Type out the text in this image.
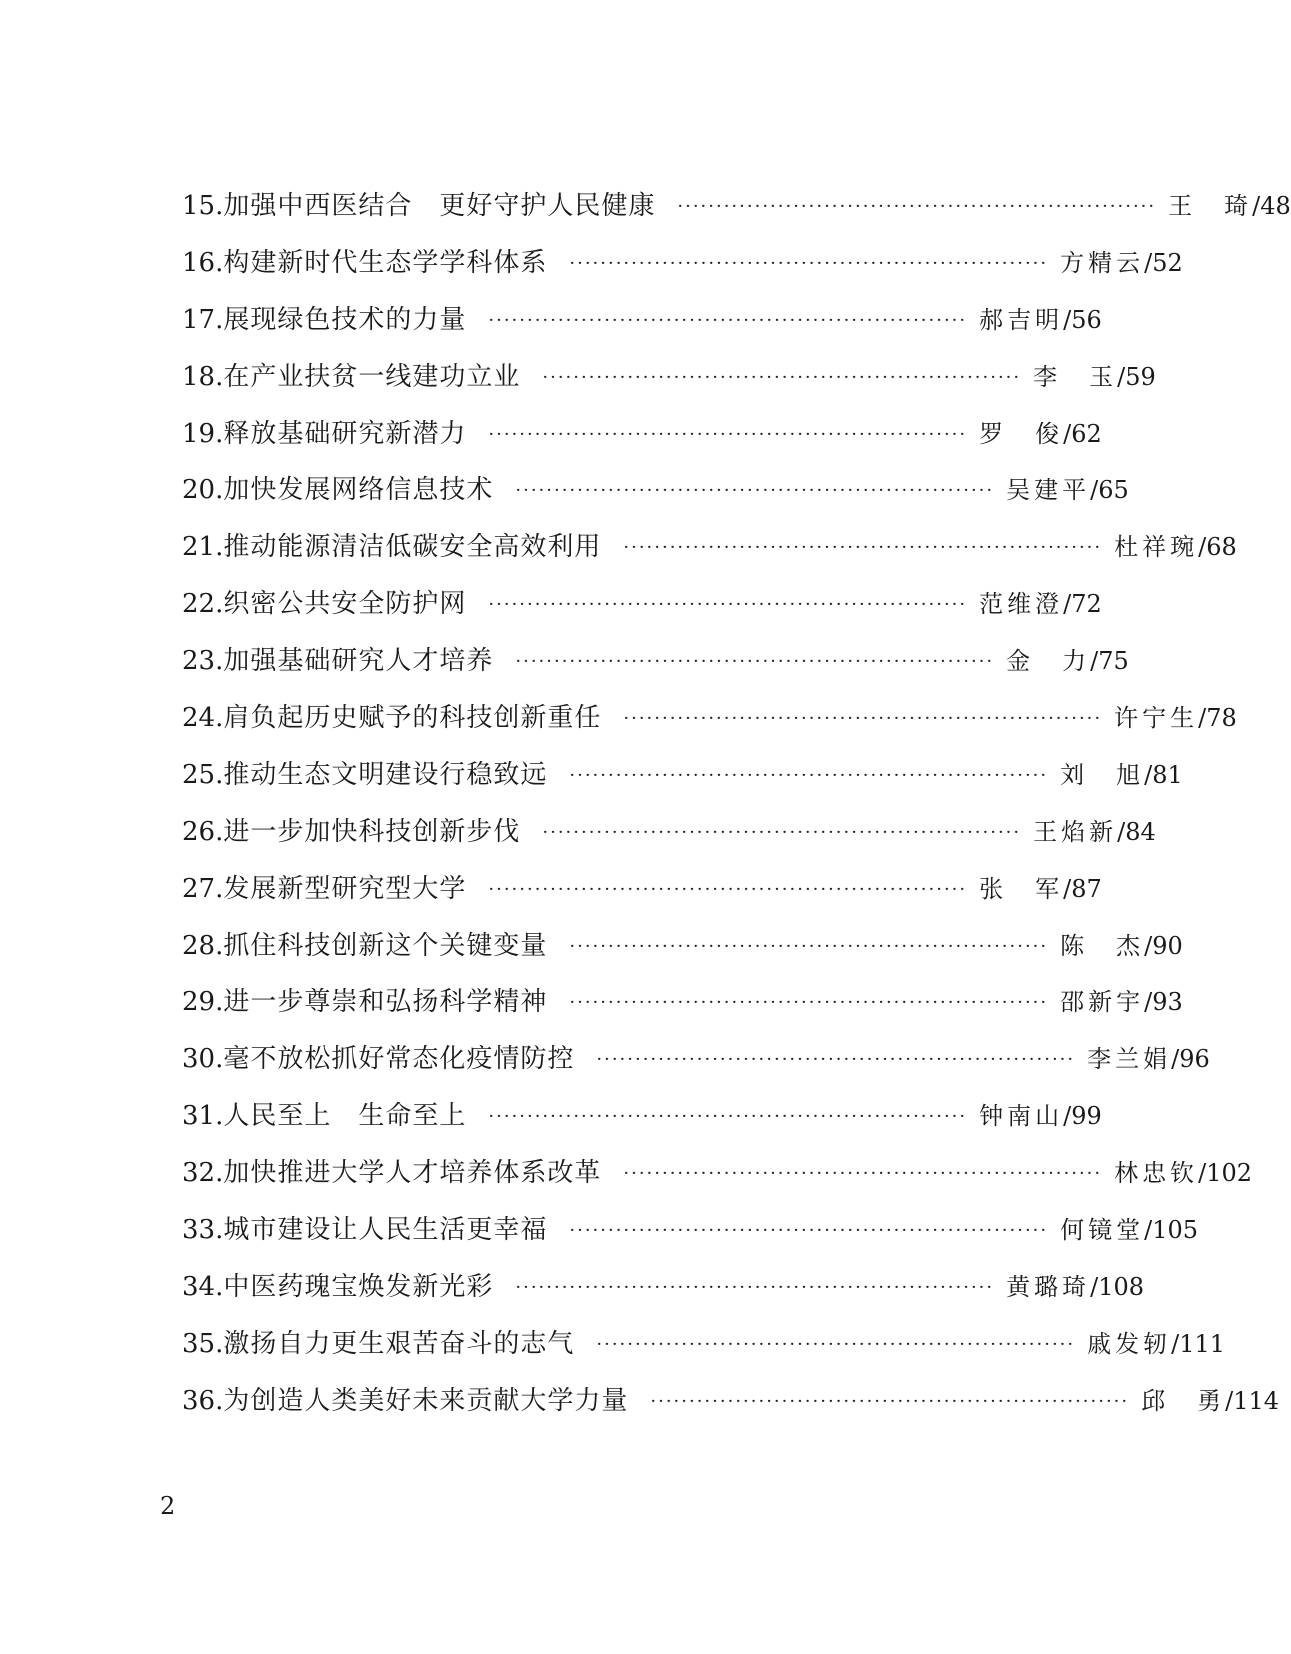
15. 加强中西医结合　更好守护人民健康 ······························································ 王　琦 / 48
16. 构建新时代生态学学科体系 ······························································ 方精云 / 52
17. 展现绿色技术的力量 ······························································ 郝吉明 / 56
18. 在产业扶贫一线建功立业 ······························································ 李　玉 / 59
19. 释放基础研究新潜力 ······························································ 罗　俊 / 62
20. 加快发展网络信息技术 ······························································ 吴建平 / 65
21. 推动能源清洁低碳安全高效利用 ······························································ 杜祥琬 / 68
22. 织密公共安全防护网 ······························································ 范维澄 / 72
23. 加强基础研究人才培养 ······························································ 金　力 / 75
24. 肩负起历史赋予的科技创新重任 ······························································ 许宁生 / 78
25. 推动生态文明建设行稳致远 ······························································ 刘　旭 / 81
26. 进一步加快科技创新步伐 ······························································ 王焰新 / 84
27. 发展新型研究型大学 ······························································ 张　军 / 87
28. 抓住科技创新这个关键变量 ······························································ 陈　杰 / 90
29. 进一步尊崇和弘扬科学精神 ······························································ 邵新宇 / 93
30. 毫不放松抓好常态化疫情防控 ······························································ 李兰娟 / 96
31. 人民至上　生命至上 ······························································ 钟南山 / 99
32. 加快推进大学人才培养体系改革 ······························································ 林忠钦 / 102
33. 城市建设让人民生活更幸福 ······························································ 何镜堂 / 105
34. 中医药瑰宝焕发新光彩 ······························································ 黄璐琦 / 108
35. 激扬自力更生艰苦奋斗的志气 ······························································ 戚发轫 / 111
36. 为创造人类美好未来贡献大学力量 ······························································ 邱　勇 / 114
2
